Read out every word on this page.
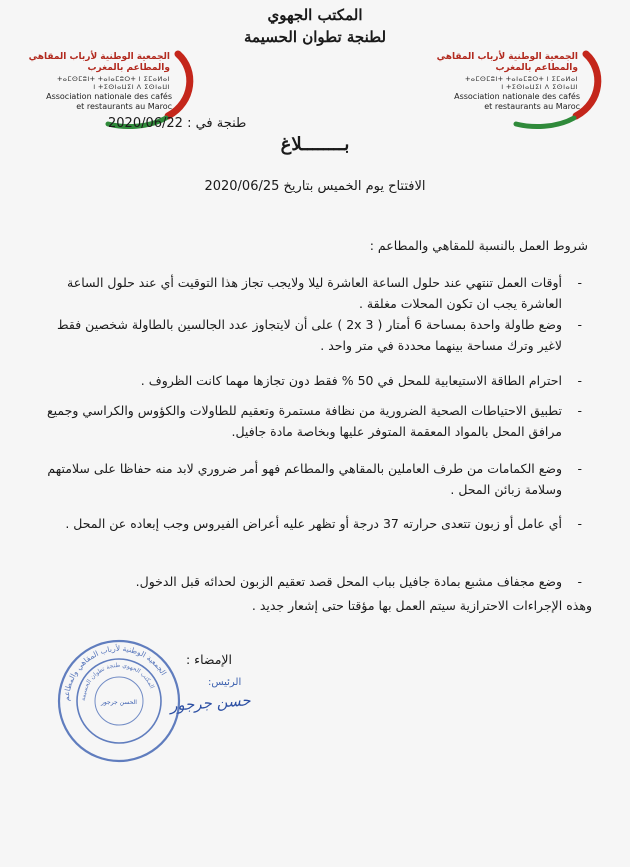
المكتب الجهوي
لطنجة تطوان الحسيمة
الجمعية الوطنية لأرباب المقاهي
والمطاعم بالمغرب
ⵜⴰⵎⵙⵎⵓⵏⵜ ⵜⴰⵏⴰⵎⵓⵔⵜ ⵏ ⵉⵎⴰⵍⴰⵏ
ⵏ ⵜⵉⵙⵏⴰⵡⵉⵏ ⴷ ⵉⵙⵏⴰⵡⵏ
Association nationale des cafés
et restaurants au Maroc
الجمعية الوطنية لأرباب المقاهي
والمطاعم بالمغرب
ⵜⴰⵎⵙⵎⵓⵏⵜ ⵜⴰⵏⴰⵎⵓⵔⵜ ⵏ ⵉⵎⴰⵍⴰⵏ
ⵏ ⵜⵉⵙⵏⴰⵡⵉⵏ ⴷ ⵉⵙⵏⴰⵡⵏ
Association nationale des cafés
et restaurants au Maroc
طنجة في : 2020/06/22
بــــــــلاغ
الافتتاح يوم الخميس بتاريخ 2020/06/25
شروط العمل بالنسبة للمقاهي والمطاعم :
-
أوقات العمل تنتهي عند حلول الساعة العاشرة ليلا ولايجب تجاز هذا التوقيت أي عند حلول الساعة العاشرة يجب ان تكون المحلات مغلقة .
-
وضع طاولة واحدة بمساحة 6 أمتار ( 2x 3 ) على أن لايتجاوز عدد الجالسين بالطاولة شخصين فقط لاغير وترك مساحة بينهما محددة في متر واحد .
-
احترام الطاقة الاستيعابية للمحل في 50 % فقط دون تجازها مهما كانت الظروف .
-
تطبيق الاحتياطات الصحية الضرورية من نظافة مستمرة وتعقيم للطاولات والكؤوس والكراسي وجميع مرافق المحل بالمواد المعقمة المتوفر عليها وبخاصة مادة جافيل.
-
وضع الكمامات من طرف العاملين بالمقاهي والمطاعم فهو أمر ضروري لابد منه حفاظا على سلامتهم وسلامة زبائن المحل .
-
أي عامل أو زبون تتعدى حرارته 37 درجة أو تظهر عليه أعراض الفيروس وجب إبعاده عن المحل .
-
وضع مجفاف مشبع بمادة جافيل بباب المحل قصد تعقيم الزبون لحدائه قبل الدخول.
وهذه الإجراءات الاحترازية سيتم العمل بها مؤقتا حتى إشعار جديد .
الإمضاء :
الرئيس:
حسن جرجور
الجمعية الوطنية لأرباب المقاهي والمطاعم
المكتب الجهوي طنجة تطوان الحسيمة
الحسن جرجور
